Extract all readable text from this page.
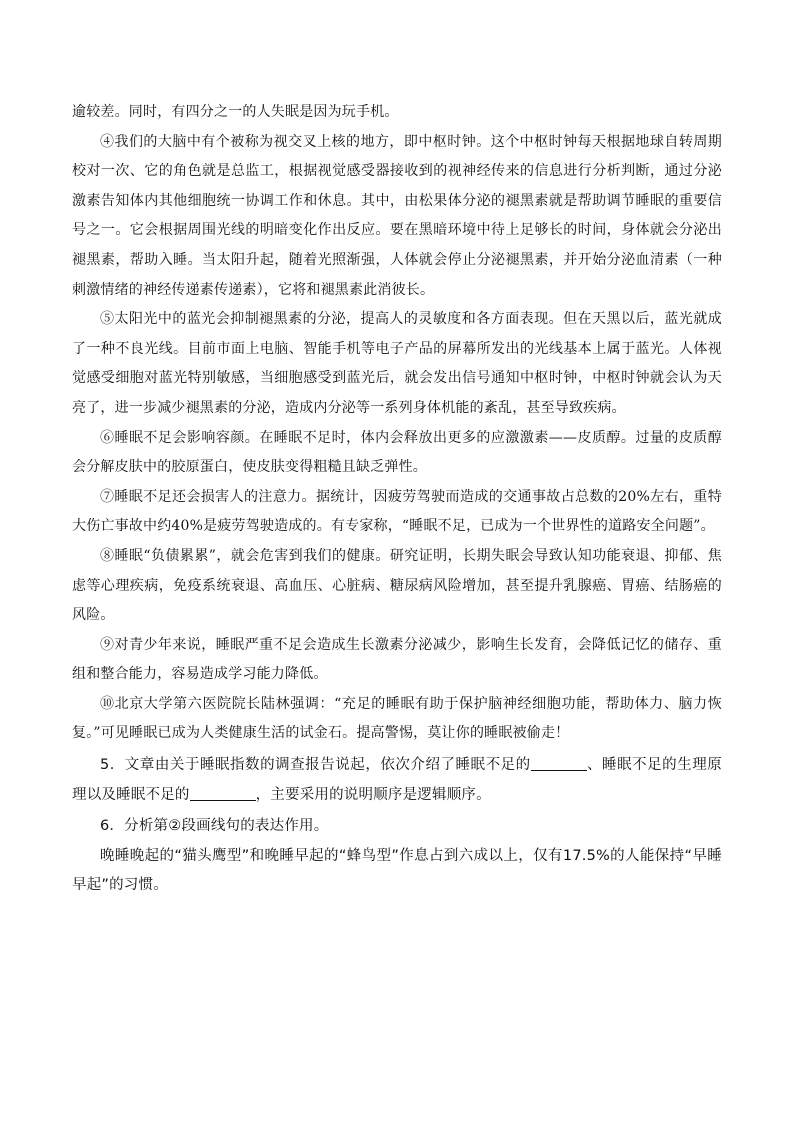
逾较差。同时，有四分之一的人失眠是因为玩手机。

④我们的大脑中有个被称为视交叉上核的地方，即中枢时钟。这个中枢时钟每天根据地球自转周期校对一次、它的角色就是总监工，根据视觉感受器接收到的视神经传来的信息进行分析判断，通过分泌激素告知体内其他细胞统一协调工作和休息。其中，由松果体分泌的褪黑素就是帮助调节睡眠的重要信号之一。它会根据周围光线的明暗变化作出反应。要在黑暗环境中待上足够长的时间，身体就会分泌出褪黑素，帮助入睡。当太阳升起，随着光照渐强，人体就会停止分泌褪黑素，并开始分泌血清素（一种刺激情绪的神经传递素传递素），它将和褪黑素此消彼长。

⑤太阳光中的蓝光会抑制褪黑素的分泌，提高人的灵敏度和各方面表现。但在天黑以后，蓝光就成了一种不良光线。目前市面上电脑、智能手机等电子产品的屏幕所发出的光线基本上属于蓝光。人体视觉感受细胞对蓝光特别敏感，当细胞感受到蓝光后，就会发出信号通知中枢时钟，中枢时钟就会认为天亮了，进一步减少褪黑素的分泌，造成内分泌等一系列身体机能的紊乱，甚至导致疾病。

⑥睡眠不足会影响容颜。在睡眠不足时，体内会释放出更多的应激激素——皮质醇。过量的皮质醇会分解皮肤中的胶原蛋白，使皮肤变得粗糙且缺乏弹性。

⑦睡眠不足还会损害人的注意力。据统计，因疲劳驾驶而造成的交通事故占总数的20%左右，重特大伤亡事故中约40%是疲劳驾驶造成的。有专家称，“睡眠不足，已成为一个世界性的道路安全问题”。

⑧睡眠“负债累累”，就会危害到我们的健康。研究证明，长期失眠会导致认知功能衰退、抑郁、焦虑等心理疾病，免疫系统衰退、高血压、心脏病、糖尿病风险增加，甚至提升乳腺癌、胃癌、结肠癌的风险。

⑨对青少年来说，睡眠严重不足会造成生长激素分泌减少，影响生长发育，会降低记忆的储存、重组和整合能力，容易造成学习能力降低。

⑩北京大学第六医院院长陆林强调：“充足的睡眠有助于保护脑神经细胞功能，帮助体力、脑力恢复。”可见睡眠已成为人类健康生活的试金石。提高警惕，莫让你的睡眠被偷走！

5．文章由关于睡眠指数的调查报告说起，依次介绍了睡眠不足的	、睡眠不足的生理原理以及睡眠不足的	，主要采用的说明顺序是逻辑顺序。

6．分析第②段画线句的表达作用。

晚睡晚起的“猫头鹰型”和晚睡早起的“蜂鸟型”作息占到六成以上，仅有17.5%的人能保持“早睡早起”的习惯。
